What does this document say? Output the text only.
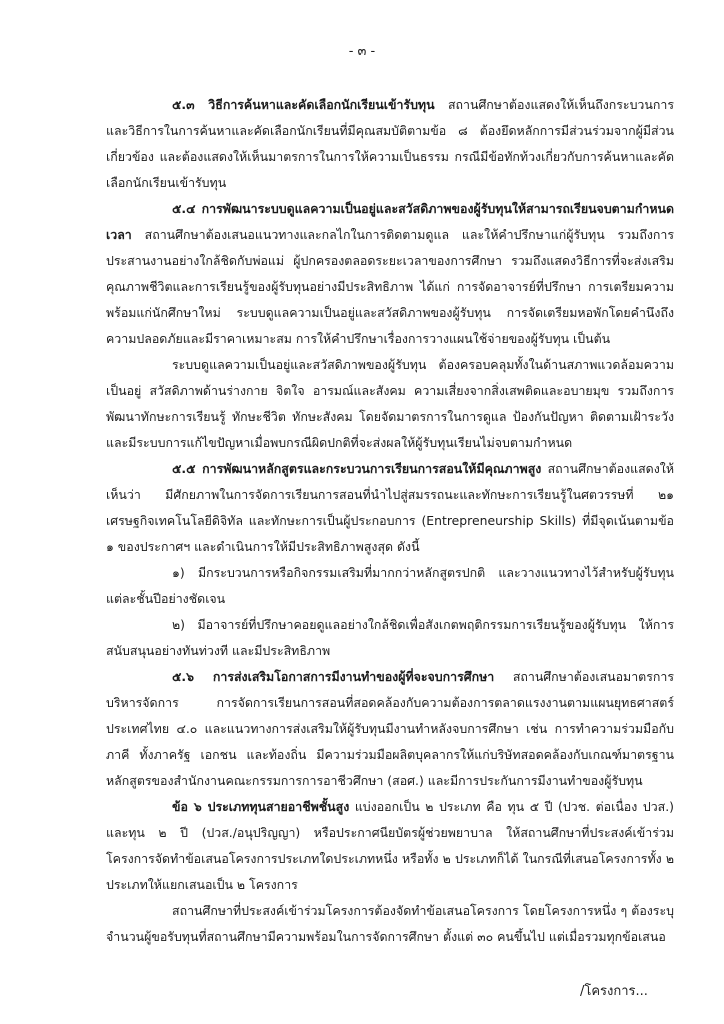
- ๓ -

๕.๓ วิธีการค้นหาและคัดเลือกนักเรียนเข้ารับทุน สถานศึกษาต้องแสดงให้เห็นถึงกระบวนการและวิธีการในการค้นหาและคัดเลือกนักเรียนที่มีคุณสมบัติตามข้อ ๘ ต้องยึดหลักการมีส่วนร่วมจากผู้มีส่วนเกี่ยวข้อง และต้องแสดงให้เห็นมาตรการในการให้ความเป็นธรรม กรณีมีข้อทักท้วงเกี่ยวกับการค้นหาและคัดเลือกนักเรียนเข้ารับทุน

๕.๔ การพัฒนาระบบดูแลความเป็นอยู่และสวัสดิภาพของผู้รับทุนให้สามารถเรียนจบตามกำหนดเวลา สถานศึกษาต้องเสนอแนวทางและกลไกในการติดตามดูแล และให้คำปรึกษาแก่ผู้รับทุน รวมถึงการประสานงานอย่างใกล้ชิดกับพ่อแม่ ผู้ปกครองตลอดระยะเวลาของการศึกษา รวมถึงแสดงวิธีการที่จะส่งเสริมคุณภาพชีวิตและการเรียนรู้ของผู้รับทุนอย่างมีประสิทธิภาพ ได้แก่ การจัดอาจารย์ที่ปรึกษา การเตรียมความพร้อมแก่นักศึกษาใหม่ ระบบดูแลความเป็นอยู่และสวัสดิภาพของผู้รับทุน การจัดเตรียมหอพักโดยคำนึงถึงความปลอดภัยและมีราคาเหมาะสม การให้คำปรึกษาเรื่องการวางแผนใช้จ่ายของผู้รับทุน เป็นต้น

ระบบดูแลความเป็นอยู่และสวัสดิภาพของผู้รับทุน ต้องครอบคลุมทั้งในด้านสภาพแวดล้อมความเป็นอยู่ สวัสดิภาพด้านร่างกาย จิตใจ อารมณ์และสังคม ความเสี่ยงจากสิ่งเสพติดและอบายมุข รวมถึงการพัฒนาทักษะการเรียนรู้ ทักษะชีวิต ทักษะสังคม โดยจัดมาตรการในการดูแล ป้องกันปัญหา ติดตามเฝ้าระวัง และมีระบบการแก้ไขปัญหาเมื่อพบกรณีผิดปกติที่จะส่งผลให้ผู้รับทุนเรียนไม่จบตามกำหนด

๕.๕ การพัฒนาหลักสูตรและกระบวนการเรียนการสอนให้มีคุณภาพสูง สถานศึกษาต้องแสดงให้เห็นว่า มีศักยภาพในการจัดการเรียนการสอนที่นำไปสู่สมรรถนะและทักษะการเรียนรู้ในศตวรรษที่ ๒๑ เศรษฐกิจเทคโนโลยีดิจิทัล และทักษะการเป็นผู้ประกอบการ (Entrepreneurship Skills) ที่มีจุดเน้นตามข้อ ๑ ของประกาศฯ และดำเนินการให้มีประสิทธิภาพสูงสุด ดังนี้

๑) มีกระบวนการหรือกิจกรรมเสริมที่มากกว่าหลักสูตรปกติ และวางแนวทางไว้สำหรับผู้รับทุนแต่ละชั้นปีอย่างชัดเจน

๒) มีอาจารย์ที่ปรึกษาคอยดูแลอย่างใกล้ชิดเพื่อสังเกตพฤติกรรมการเรียนรู้ของผู้รับทุน ให้การสนับสนุนอย่างทันท่วงที และมีประสิทธิภาพ

๕.๖ การส่งเสริมโอกาสการมีงานทำของผู้ที่จะจบการศึกษา สถานศึกษาต้องเสนอมาตรการบริหารจัดการ การจัดการเรียนการสอนที่สอดคล้องกับความต้องการตลาดแรงงานตามแผนยุทธศาสตร์ประเทศไทย ๔.๐ และแนวทางการส่งเสริมให้ผู้รับทุนมีงานทำหลังจบการศึกษา เช่น การทำความร่วมมือกับภาคี ทั้งภาครัฐ เอกชน และท้องถิ่น มีความร่วมมือผลิตบุคลากรให้แก่บริษัทสอดคล้องกับเกณฑ์มาตรฐานหลักสูตรของสำนักงานคณะกรรมการการอาชีวศึกษา (สอศ.) และมีการประกันการมีงานทำของผู้รับทุน

ข้อ ๖ ประเภททุนสายอาชีพชั้นสูง แบ่งออกเป็น ๒ ประเภท คือ ทุน ๕ ปี (ปวช. ต่อเนื่อง ปวส.) และทุน ๒ ปี (ปวส./อนุปริญญา) หรือประกาศนียบัตรผู้ช่วยพยาบาล ให้สถานศึกษาที่ประสงค์เข้าร่วมโครงการจัดทำข้อเสนอโครงการประเภทใดประเภทหนึ่ง หรือทั้ง ๒ ประเภทก็ได้ ในกรณีที่เสนอโครงการทั้ง ๒ ประเภทให้แยกเสนอเป็น ๒ โครงการ

สถานศึกษาที่ประสงค์เข้าร่วมโครงการต้องจัดทำข้อเสนอโครงการ โดยโครงการหนึ่ง ๆ ต้องระบุจำนวนผู้ขอรับทุนที่สถานศึกษามีความพร้อมในการจัดการศึกษา ตั้งแต่ ๓๐ คนขึ้นไป แต่เมื่อรวมทุกข้อเสนอ

/โครงการ...
